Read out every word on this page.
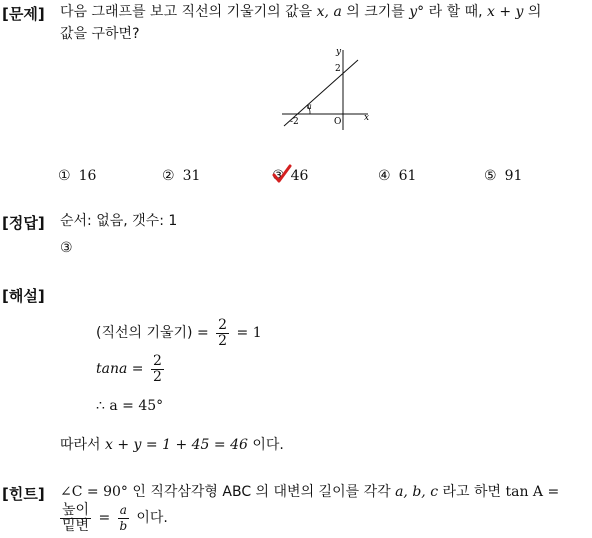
[문제] 다음 그래프를 보고 직선의 기울기의 값을 x, a 의 크기를 y° 라 할 때, x + y 의
값을 구하면?
y
x
2
-2	O
a
① 16	② 31	③ 46	④ 61	⑤ 91
[정답] 순서: 없음, 갯수: 1
③
[해설]
(직선의 기울기) = $\frac{2}{2} = 1$
$\tan a = \frac{2}{2}$
∴ a = 45°
따라서 x + y = 1 + 45 = 46 이다.
[힌트] ∠C = 90° 인 직각삼각형 ABC 의 대변의 길이를 각각 a, b, c 라고 하면 tan A =
$\frac{\text{높이}}{\text{밑변}} = \frac{a}{b}$ 이다.
